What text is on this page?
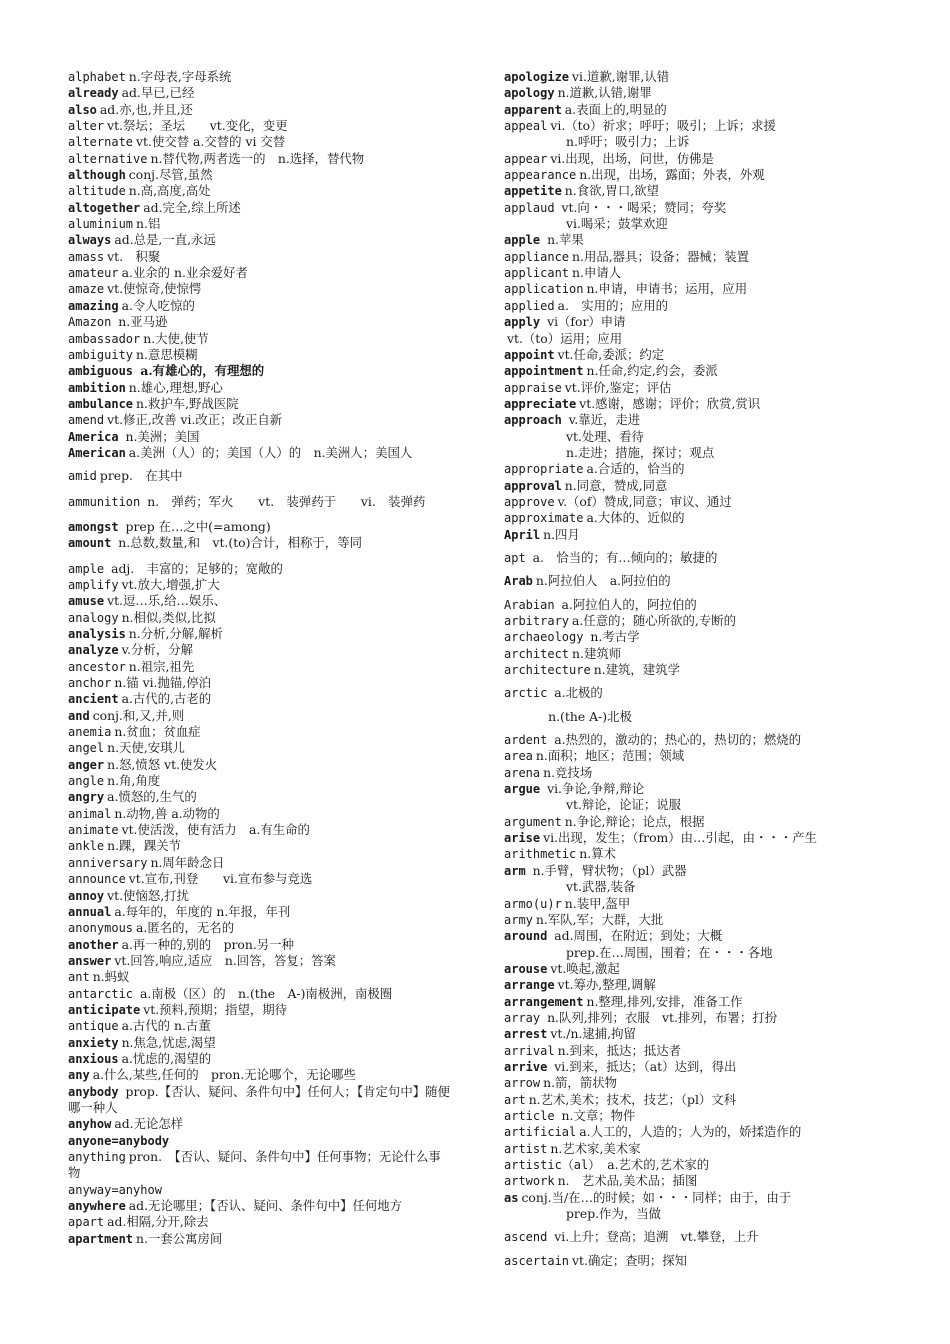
alphabet n.字母表,字母系统
already ad.早已,已经
also ad.亦,也,并且,还
alter vt.祭坛；圣坛　　vt.变化，变更
alternate vt.使交替 a.交替的 vi 交替
alternative n.替代物,两者选一的　n.选择，替代物
although conj.尽管,虽然
altitude n.高,高度,高处
altogether ad.完全,综上所述
aluminium n.铝
always ad.总是,一直,永远
amass vt.　积聚
amateur a.业余的 n.业余爱好者
amaze vt.使惊奇,使惊愕
amazing a.令人吃惊的
Amazon n.亚马逊
ambassador n.大使,使节
ambiguity n.意思模糊
ambiguous a.有雄心的，有理想的
ambition n.雄心,理想,野心
ambulance n.救护车,野战医院
amend vt.修正,改善 vi.改正；改正自新
America n.美洲；美国
American a.美洲（人）的；美国（人）的　n.美洲人；美国人
amid prep.　在其中
ammunition n.　弹药；军火　　vt.　装弹药于　　vi.　装弹药
amongst prep 在…之中(=among)
amount n.总数,数量,和　vt.(to)合计，相称于，等同
ample adj.　丰富的；足够的；宽敞的
amplify vt.放大,增强,扩大
amuse vt.逗…乐,给…娱乐、
analogy n.相似,类似,比拟
analysis n.分析,分解,解析
analyze v.分析，分解
ancestor n.祖宗,祖先
anchor n.锚 vi.抛锚,停泊
ancient a.古代的,古老的
and conj.和,又,并,则
anemia n.贫血；贫血症
angel n.天使,安琪儿
anger n.怒,愤怒 vt.使发火
angle n.角,角度
angry a.愤怒的,生气的
animal n.动物,兽 a.动物的
animate vt.使活泼，使有活力　a.有生命的
ankle n.踝，踝关节
anniversary n.周年龄念日
announce vt.宣布,刊登　　vi.宣布参与竞选
annoy vt.使恼怒,打扰
annual a.每年的，年度的 n.年报，年刊
anonymous a.匿名的，无名的
another a.再一种的,别的　pron.另一种
answer vt.回答,响应,适应　n.回答，答复；答案
ant n.蚂蚁
antarctic a.南极（区）的　n.(the　A-)南极洲，南极圈
anticipate vt.预料,预期；指望，期待
antique a.古代的 n.古董
anxiety n.焦急,忧虑,渴望
anxious a.忧虑的,渴望的
any a.什么,某些,任何的　pron.无论哪个，无论哪些
anybody prop.【否认、疑问、条件句中】任何人；【肯定句中】随便哪一种人
anyhow ad.无论怎样
anyone=anybody
anything pron.　【否认、疑问、条件句中】任何事物；无论什么事物
anyway=anyhow
anywhere ad.无论哪里；【否认、疑问、条件句中】任何地方
apart ad.相隔,分开,除去
apartment n.一套公寓房间
apologize vi.道歉,谢罪,认错
apology n.道歉,认错,谢罪
apparent a.表面上的,明显的
appeal vi.（to）祈求；呼吁；吸引；上诉；求援
n.呼吁；吸引力；上诉
appear vi.出现，出场，问世，仿佛是
appearance n.出现，出场，露面；外表，外观
appetite n.食欲,胃口,欲望
applaud vt.向・・・喝采；赞同；夸奖
vi.喝采；鼓掌欢迎
apple n.苹果
appliance n.用品,器具；设备；器械；装置
applicant n.申请人
application n.申请，申请书；运用，应用
applied a.　实用的；应用的
apply vi（for）申请
vt.（to）运用；应用
appoint vt.任命,委派；约定
appointment n.任命,约定,约会，委派
appraise vt.评价,鉴定；评估
appreciate vt.感谢，感谢；评价；欣赏,赏识
approach v.靠近，走进
vt.处理、看待
n.走进；措施，探讨；观点
appropriate a.合适的，恰当的
approval n.同意，赞成,同意
approve v.（of）赞成,同意；审议、通过
approximate a.大体的、近似的
April n.四月
apt a.　恰当的；有…倾向的；敏捷的
Arab n.阿拉伯人　a.阿拉伯的
Arabian a.阿拉伯人的，阿拉伯的
arbitrary a.任意的；随心所欲的,专断的
archaeology n.考古学
architect n.建筑师
architecture n.建筑，建筑学
arctic a.北极的
　　　 n.(the A-)北极
ardent a.热烈的，激动的；热心的，热切的；燃烧的
area n.面积；地区；范围；领域
arena n.竞技场
argue vi.争论,争辩,辩论
vt.辩论，论证；说服
argument n.争论,辩论；论点，根据
arise vi.出现，发生；（from）由…引起，由・・・产生
arithmetic n.算术
arm n.手臂，臂状物；（pl）武器
vt.武器,装备
armo(u)r n.装甲,盔甲
army n.军队,军；大群，大批
around ad.周围，在附近；到处；大概
prep.在…周围，围着；在・・・各地
arouse vt.唤起,激起
arrange vt.筹办,整理,调解
arrangement n.整理,排列,安排，准备工作
array n.队列,排列；衣服　vt.排列，布署；打扮
arrest vt./n.逮捕,拘留
arrival n.到来，抵达；抵达者
arrive vi.到来，抵达；（at）达到，得出
arrow n.箭，箭状物
art n.艺术,美术；技术，技艺；（pl）文科
article n.文章；物件
artificial a.人工的，人造的；人为的，娇揉造作的
artist n.艺术家,美术家
artistic（al） a.艺术的,艺术家的
artwork n.　艺术品,美术品；插图
as conj.当/在…的时候；如・・・同样；由于，由于
prep.作为，当做
ascend vi.上升；登高；追溯　vt.攀登，上升
ascertain vt.确定；查明；探知
